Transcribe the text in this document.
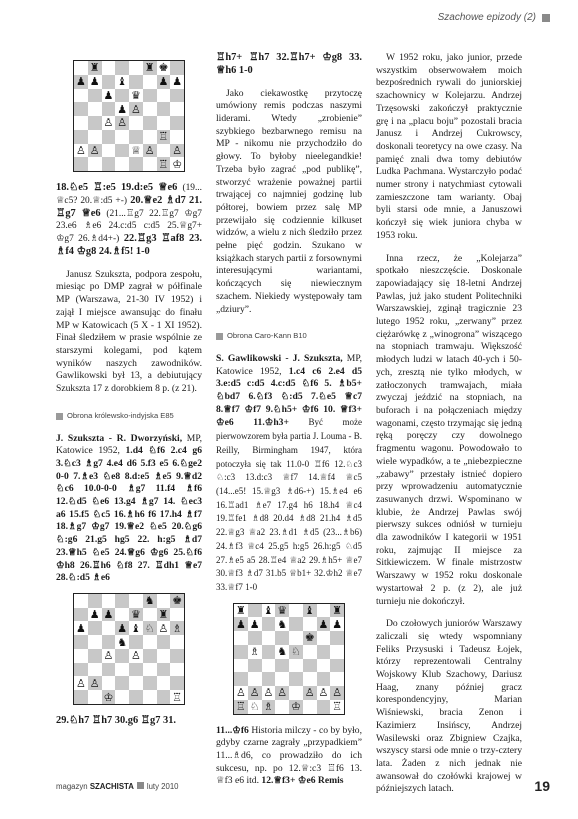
Szachowe epizody (2)
♜	♜ ♚
♟ ♟ ♝	♟ ♟
♟ ♛
♟ ♙
♙ ♙
♖
♙ ♙	♕ ♙ ♙
♖ ♔
18.♘e5 ♖:e5 19.d:e5 ♕e6 (19... ♕c5? 20.♕:d5 +-) 20.♕e2 ♗d7 21. ♖g7 ♕e6 (21...♖g7 22.♖g7 ♔g7 23.e6 ♗e6 24.c:d5 c:d5 25.♕g7+ ♔g7 26.♗d4+-) 22.♖g3 ♖af8 23. ♗f4 ♔g8 24.♗f5! 1-0

Janusz Szukszta, podpora zespołu, miesiąc po DMP zagrał w półfinale MP (Warszawa, 21-30 IV 1952) i zajął I miejsce awansując do finału MP w Katowicach (5 X - 1 XI 1952). Finał śledziłem w prasie wspólnie ze starszymi kolegami, pod kątem wyników naszych zawodników. Gawlikowski był 13, a debiutujący Szukszta 17 z dorobkiem 8 p. (z 21).

Obrona królewsko-indyjska E85

J. Szukszta - R. Dworzyński, MP, Katowice 1952, 1.d4 ♘f6 2.c4 g6 3.♘c3 ♗g7 4.e4 d6 5.f3 e5 6.♘ge2 0-0 7.♗e3 ♘e8 8.d:e5 ♗e5 9.♕d2 ♘c6 10.0-0-0 ♗g7 11.f4 ♗f6 12.♘d5 ♘e6 13.g4 ♗g7 14. ♘ec3 a6 15.f5 ♘c5 16.♗h6 f6 17.h4 ♗f7 18.♗g7 ♔g7 19.♕e2 ♘e5 20.♘g6 ♘:g6 21.g5 hg5 22. h:g5 ♗d7 23.♕h5 ♘e5 24.♕g6 ♔g6 25.♘f6 ♔h8 26.♖h6 ♘f8 27. ♖dh1 ♕e7 28.♘:d5 ♗e6

♞ ♚
♟ ♟ ♛ ♜
♟	♟ ♝ ♘ ♙ ♗
♞
♙ ♙
♙ ♙
♔	♖
29.♘h7 ♖h7 30.g6 ♖g7 31.
♖h7+ ♖h7 32.♖h7+ ♔g8 33. ♕h6 1-0

Jako ciekawostkę przytoczę umówiony remis podczas naszymi liderami. Wtedy „zrobienie” szybkiego bezbarwnego remisu na MP - nikomu nie przychodziło do głowy. To byłoby nieelegandkie! Trzeba było zagrać „pod publikę”, stworzyć wrażenie poważnej partii trwającej co najmniej godzinę lub półtorej, bowiem przez salę MP przewijało się codziennie kilkuset widzów, a wielu z nich śledziło przez pełne pięć godzin. Szukano w książkach starych partii z forsownymi interesującymi wariantami, kończących się niewiecznym szachem. Niekiedy występowały tam „dziury”.

Obrona Caro-Kann B10

S. Gawlikowski - J. Szukszta, MP, Katowice 1952, 1.c4 c6 2.e4 d5 3.e:d5 c:d5 4.c:d5 ♘f6 5. ♗b5+ ♘bd7 6.♘f3 ♘:d5 7.♘e5 ♕c7 8.♕f7 ♔f7 9.♘h5+ ♔f6 10. ♕f3+ ♔e6 11.♔h3+ Być może pierwowzorem była partia J. Louma - B. Reilly, Birmingham 1947, która potoczyła się tak 11.0-0 ♖f6 12.♘c3 ♘:c3 13.d:c3 ♕f7 14.♕f4 ♕c5 (14...e5! 15.♕g3 ♗d6-+) 15.♗e4 e6 16.♖ad1 ♗e7 17.g4 h6 18.h4 ♕c4 19.♖fe1 ♗d8 20.d4 ♗d8 21.h4 ♗d5 22.♕g3 ♕a2 23.♗d1 ♗d5 (23...♗b6) 24.♗f3 ♕c4 25.g5 h:g5 26.h:g5 ♘d5 27.♗e5 a5 28.♖e4 ♕a2 29.♗h5+ ♕e7 30.♕f3 ♗d7 31.b5 ♕b1+ 32.♔h2 ♕e7 33.♕f7 1-0

♜ ♝ ♛ ♝ ♜
♟ ♟ ♞	♟ ♟
♚
♗ ♞ ♘
♙ ♙ ♙ ♙ ♙ ♙ ♙
♖ ♘ ♗ ♔	♖

11...♔f6 Historia milczy - co by było, gdyby czarne zagrały „przypadkiem” 11...♗d6, co prowadziło do ich sukcesu, np. po 12.♕:c3 ♖f6 13. ♕f3 e6 itd. 12.♕f3+ ♔e6 Remis

W 1952 roku, jako junior, przede wszystkim obserwowałem moich bezpośrednich rywali do juniorskiej szachownicy w Kolejarzu. Andrzej Trzęsowski zakończył praktycznie grę i na „placu boju” pozostali bracia Janusz i Andrzej Cukrowscy, doskonali teoretycy na owe czasy. Na pamięć znali dwa tomy debiutów Ludka Pachmana. Wystarczyło podać numer strony i natychmiast cytowali zamieszczone tam warianty. Obaj byli starsi ode mnie, a Januszowi kończył się wiek juniora chyba w 1953 roku.

Inna rzecz, że „Kolejarza” spotkało nieszczęście. Doskonale zapowiadający się 18-letni Andrzej Pawlas, już jako student Politechniki Warszawskiej, zginął tragicznie 23 lutego 1952 roku, „zerwany” przez ciężarówkę z „winogrona” wiszącego na stopniach tramwaju. Większość młodych ludzi w latach 40-ych i 50-ych, zresztą nie tylko młodych, w zatłoczonych tramwajach, miała zwyczaj jeździć na stopniach, na buforach i na połączeniach między wagonami, często trzymając się jedną ręką poręczy czy dowolnego fragmentu wagonu. Powodowało to wiele wypadków, a te „niebezpieczne „zabawy” przestały istnieć dopiero przy wprowadzeniu automatycznie zasuwanych drzwi. Wspominano w klubie, że Andrzej Pawlas swój pierwszy sukces odniósł w turnieju dla zawodników I kategorii w 1951 roku, zajmując II miejsce za Sitkiewiczem. W finale mistrzostw Warszawy w 1952 roku doskonale wystartował 2 p. (z 2), ale już turnieju nie dokończył.

Do czołowych juniorów Warszawy zaliczali się wtedy wspomniany Feliks Przysuski i Tadeusz Łojek, którzy reprezentowali Centralny Wojskowy Klub Szachowy, Dariusz Haag, znany później gracz korespondencyjny, Marian Wiśniewski, bracia Zenon i Kazimierz Insińscy, Andrzej Wasilewski oraz Zbigniew Czajka, wszyscy starsi ode mnie o trzy-cztery lata. Żaden z nich jednak nie awansował do czołówki krajowej w późniejszych latach.

magazyn SZACHISTA luty 2010	19
